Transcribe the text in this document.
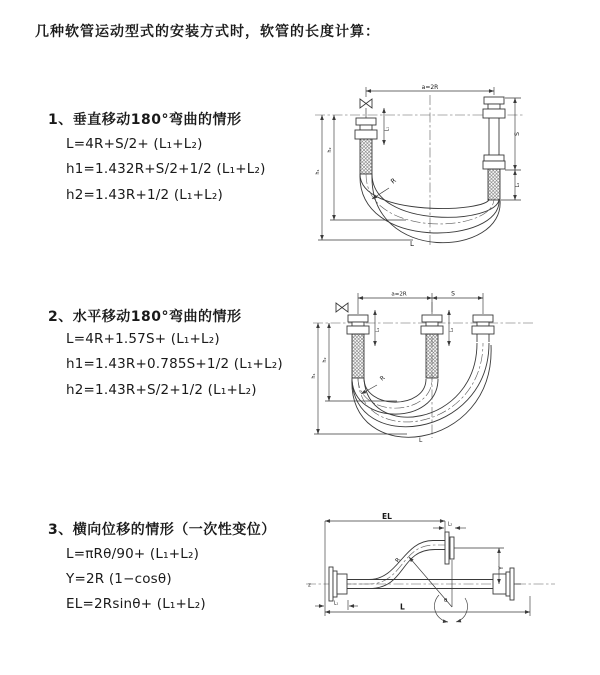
几种软管运动型式的安装方式时，软管的长度计算：
1、垂直移动180°弯曲的情形
L=4R+S/2+ (L₁+L₂)
h1=1.432R+S/2+1/2 (L₁+L₂)
h2=1.43R+1/2 (L₁+L₂)
2、水平移动180°弯曲的情形
L=4R+1.57S+ (L₁+L₂)
h1=1.43R+0.785S+1/2 (L₁+L₂)
h2=1.43R+S/2+1/2 (L₁+L₂)
3、横向位移的情形（一次性变位）
L=πRθ/90+ (L₁+L₂)
Y=2R (1−cosθ)
EL=2Rsinθ+ (L₁+L₂)
a=2R
L₁
S
L₂
h₁
h₂
R
L
a=2R	S
L₁	L₂
h₁
h₂
R
L
z
EL
L₂
Y
R
θ
L₁	L
